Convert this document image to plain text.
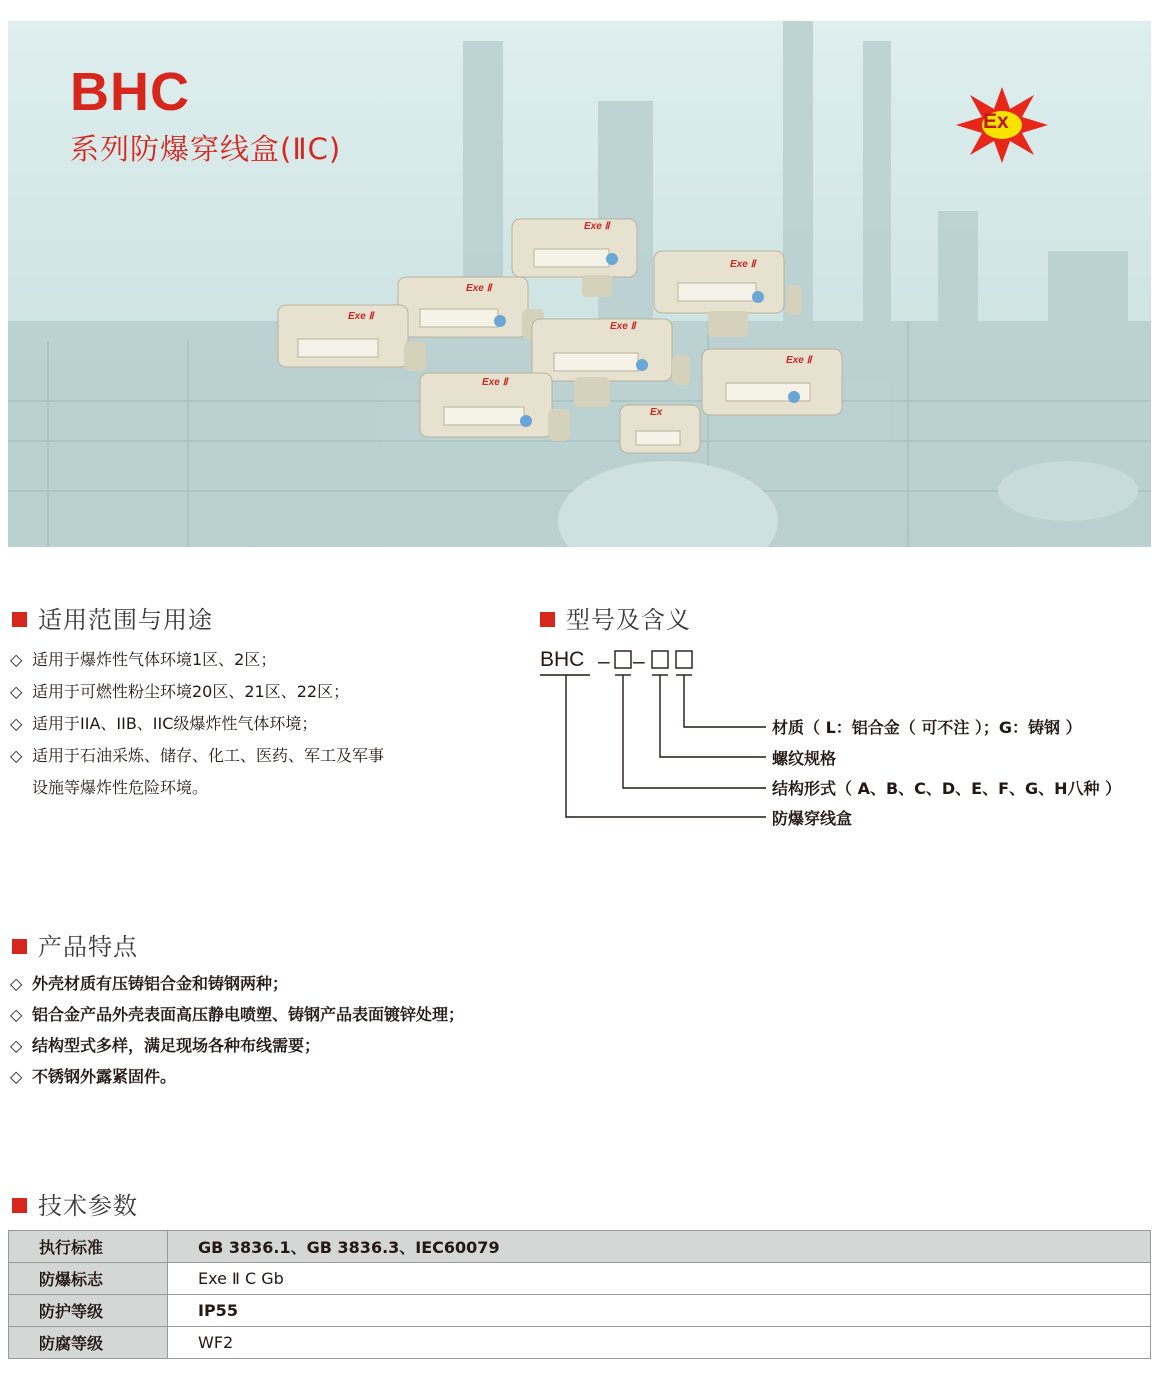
BHC
系列防爆穿线盒(ⅡC)
Ex
Exe Ⅱ
Exe Ⅱ
Exe Ⅱ
Exe Ⅱ
Exe Ⅱ
Exe Ⅱ
Exe Ⅱ
Ex
适用范围与用途
◇ 适用于爆炸性气体环境1区、2区；
◇ 适用于可燃性粉尘环境20区、21区、22区；
◇ 适用于IIA、IIB、IIC级爆炸性气体环境；
◇ 适用于石油采炼、储存、化工、医药、军工及军事
设施等爆炸性危险环境。
型号及含义
BHC – –
材质（ L：铝合金（ 可不注 ）；G：铸钢 ）
螺纹规格
结构形式（ A、B、C、D、E、F、G、H八种 ）
防爆穿线盒
产品特点
◇ 外壳材质有压铸铝合金和铸钢两种；
◇ 铝合金产品外壳表面高压静电喷塑、铸钢产品表面镀锌处理；
◇ 结构型式多样，满足现场各种布线需要；
◇ 不锈钢外露紧固件。
技术参数
执行标准	GB 3836.1、GB 3836.3、IEC60079
防爆标志	Exe Ⅱ C Gb
防护等级	IP55
防腐等级	WF2
